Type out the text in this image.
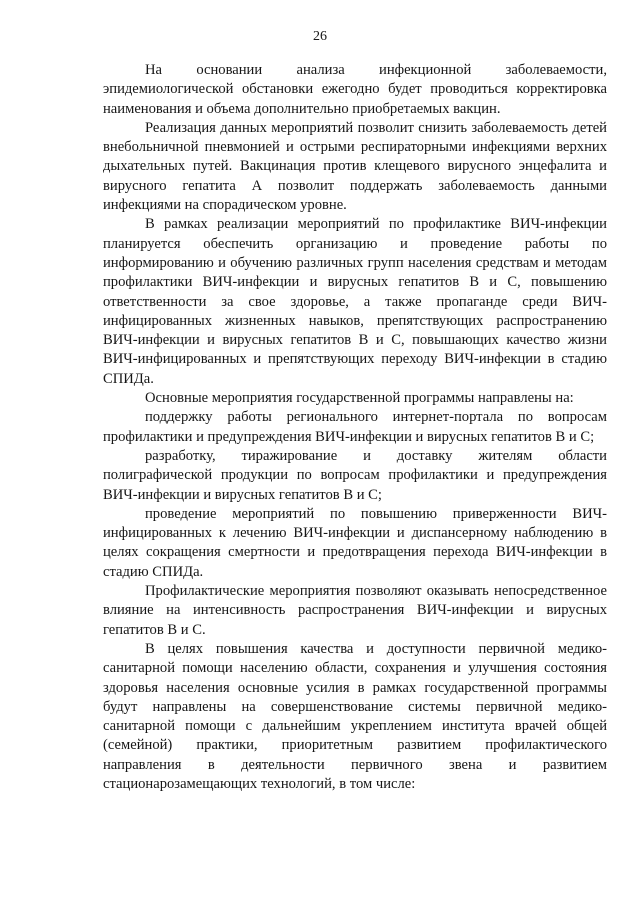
26

На основании анализа инфекционной заболеваемости, эпидемиологической обстановки ежегодно будет проводиться корректировка наименования и объема дополнительно приобретаемых вакцин.

Реализация данных мероприятий позволит снизить заболеваемость детей внебольничной пневмонией и острыми респираторными инфекциями верхних дыхательных путей. Вакцинация против клещевого вирусного энцефалита и вирусного гепатита А позволит поддержать заболеваемость данными инфекциями на спорадическом уровне.

В рамках реализации мероприятий по профилактике ВИЧ-инфекции планируется обеспечить организацию и проведение работы по информированию и обучению различных групп населения средствам и методам профилактики ВИЧ-инфекции и вирусных гепатитов В и С, повышению ответственности за свое здоровье, а также пропаганде среди ВИЧ-инфицированных жизненных навыков, препятствующих распространению ВИЧ-инфекции и вирусных гепатитов В и С, повышающих качество жизни ВИЧ-инфицированных и препятствующих переходу ВИЧ-инфекции в стадию СПИДа.

Основные мероприятия государственной программы направлены на:

поддержку работы регионального интернет-портала по вопросам профилактики и предупреждения ВИЧ-инфекции и вирусных гепатитов В и С;

разработку, тиражирование и доставку жителям области полиграфической продукции по вопросам профилактики и предупреждения ВИЧ-инфекции и вирусных гепатитов В и С;

проведение мероприятий по повышению приверженности ВИЧ-инфицированных к лечению ВИЧ-инфекции и диспансерному наблюдению в целях сокращения смертности и предотвращения перехода ВИЧ-инфекции в стадию СПИДа.

Профилактические мероприятия позволяют оказывать непосредственное влияние на интенсивность распространения ВИЧ-инфекции и вирусных гепатитов В и С.

В целях повышения качества и доступности первичной медико-санитарной помощи населению области, сохранения и улучшения состояния здоровья населения основные усилия в рамках государственной программы будут направлены на совершенствование системы первичной медико-санитарной помощи с дальнейшим укреплением института врачей общей (семейной) практики, приоритетным развитием профилактического направления в деятельности первичного звена и развитием стационарозамещающих технологий, в том числе:
